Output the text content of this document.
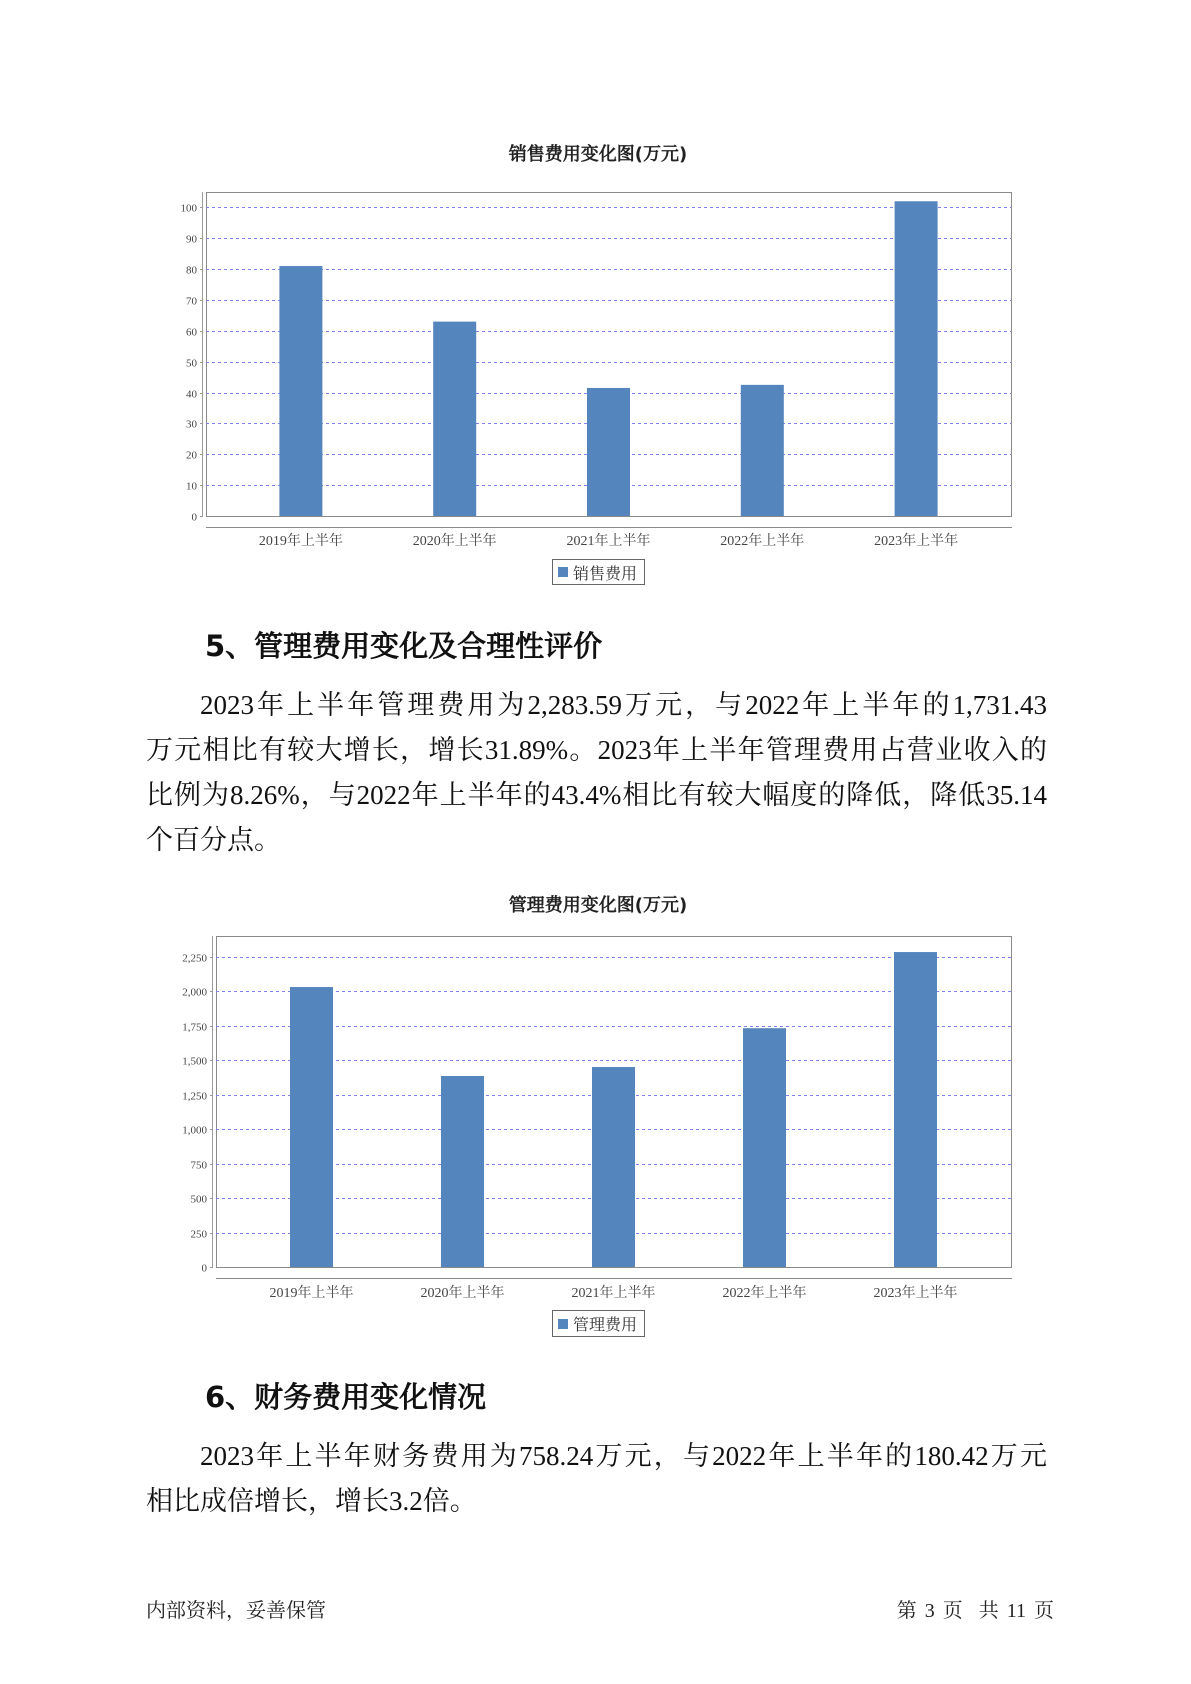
销售费用变化图(万元)
0
10
20
30
40
50
60
70
80
90
100
2019年上半年	2020年上半年	2021年上半年	2022年上半年	2023年上半年
销售费用
5、管理费用变化及合理性评价
2023年上半年管理费用为2,283.59万元，与2022年上半年的1,731.43
万元相比有较大增长，增长31.89%。2023年上半年管理费用占营业收入的
比例为8.26%，与2022年上半年的43.4%相比有较大幅度的降低，降低35.14
个百分点。
管理费用变化图(万元)
0
250
500
750
1,000
1,250
1,500
1,750
2,000
2,250
2019年上半年	2020年上半年	2021年上半年	2022年上半年	2023年上半年
管理费用
6、财务费用变化情况
2023年上半年财务费用为758.24万元，与2022年上半年的180.42万元
相比成倍增长，增长3.2倍。
内部资料，妥善保管	第 3 页  共 11 页
